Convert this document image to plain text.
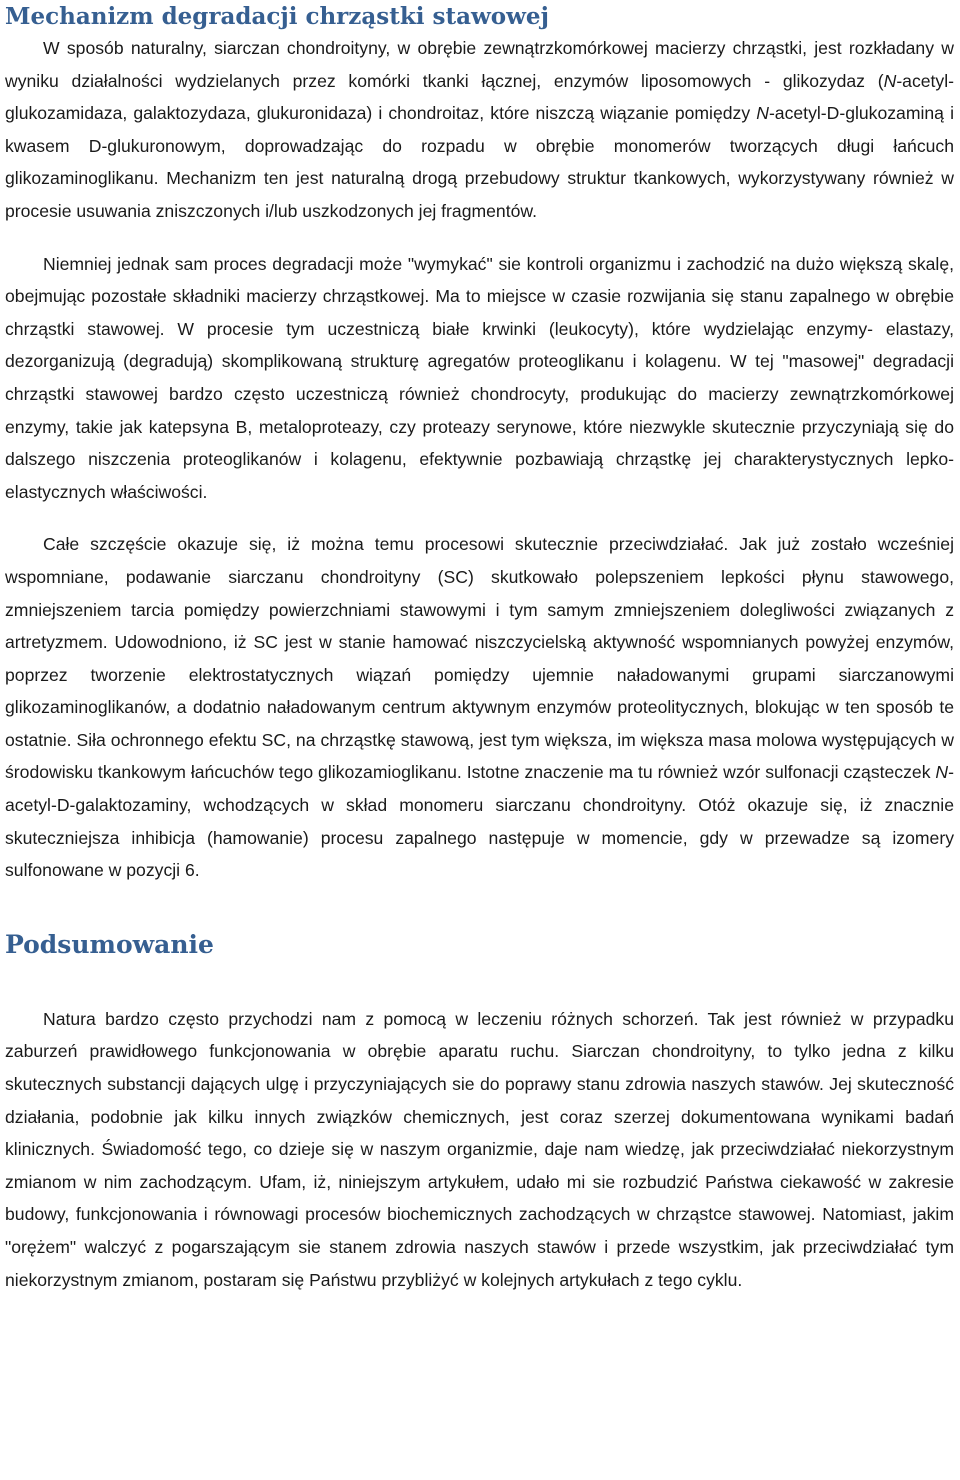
Mechanizm degradacji chrząstki stawowej

W sposób naturalny, siarczan chondroityny, w obrębie zewnątrzkomórkowej macierzy chrząstki, jest rozkładany w wyniku działalności wydzielanych przez komórki tkanki łącznej, enzymów liposomowych - glikozydaz (N-acetyl-glukozamidaza, galaktozydaza, glukuronidaza) i chondroitaz, które niszczą wiązanie pomiędzy N-acetyl-D-glukozaminą i kwasem D-glukuronowym, doprowadzając do rozpadu w obrębie monomerów tworzących długi łańcuch glikozaminoglikanu. Mechanizm ten jest naturalną drogą przebudowy struktur tkankowych, wykorzystywany również w procesie usuwania zniszczonych i/lub uszkodzonych jej fragmentów.

Niemniej jednak sam proces degradacji może "wymykać" sie kontroli organizmu i zachodzić na dużo większą skalę, obejmując pozostałe składniki macierzy chrząstkowej. Ma to miejsce w czasie rozwijania się stanu zapalnego w obrębie chrząstki stawowej. W procesie tym uczestniczą białe krwinki (leukocyty), które wydzielając enzymy- elastazy, dezorganizują (degradują) skomplikowaną strukturę agregatów proteoglikanu i kolagenu. W tej "masowej" degradacji chrząstki stawowej bardzo często uczestniczą również chondrocyty, produkując do macierzy zewnątrzkomórkowej enzymy, takie jak katepsyna B, metaloproteazy, czy proteazy serynowe, które niezwykle skutecznie przyczyniają się do dalszego niszczenia proteoglikanów i kolagenu, efektywnie pozbawiają chrząstkę jej charakterystycznych lepko-elastycznych właściwości.

Całe szczęście okazuje się, iż można temu procesowi skutecznie przeciwdziałać. Jak już zostało wcześniej wspomniane, podawanie siarczanu chondroityny (SC) skutkowało polepszeniem lepkości płynu stawowego, zmniejszeniem tarcia pomiędzy powierzchniami stawowymi i tym samym zmniejszeniem dolegliwości związanych z artretyzmem. Udowodniono, iż SC jest w stanie hamować niszczycielską aktywność wspomnianych powyżej enzymów, poprzez tworzenie elektrostatycznych wiązań pomiędzy ujemnie naładowanymi grupami siarczanowymi glikozaminoglikanów, a dodatnio naładowanym centrum aktywnym enzymów proteolitycznych, blokując w ten sposób te ostatnie. Siła ochronnego efektu SC, na chrząstkę stawową, jest tym większa, im większa masa molowa występujących w środowisku tkankowym łańcuchów tego glikozamioglikanu. Istotne znaczenie ma tu również wzór sulfonacji cząsteczek N-acetyl-D-galaktozaminy, wchodzących w skład monomeru siarczanu chondroityny. Otóż okazuje się, iż znacznie skuteczniejsza inhibicja (hamowanie) procesu zapalnego następuje w momencie, gdy w przewadze są izomery sulfonowane w pozycji 6.

Podsumowanie

Natura bardzo często przychodzi nam z pomocą w leczeniu różnych schorzeń. Tak jest również w przypadku zaburzeń prawidłowego funkcjonowania w obrębie aparatu ruchu. Siarczan chondroityny, to tylko jedna z kilku skutecznych substancji dających ulgę i przyczyniających sie do poprawy stanu zdrowia naszych stawów. Jej skuteczność działania, podobnie jak kilku innych związków chemicznych, jest coraz szerzej dokumentowana wynikami badań klinicznych. Świadomość tego, co dzieje się w naszym organizmie, daje nam wiedzę, jak przeciwdziałać niekorzystnym zmianom w nim zachodzącym. Ufam, iż, niniejszym artykułem, udało mi sie rozbudzić Państwa ciekawość w zakresie budowy, funkcjonowania i równowagi procesów biochemicznych zachodzących w chrząstce stawowej. Natomiast, jakim "orężem" walczyć z pogarszającym sie stanem zdrowia naszych stawów i przede wszystkim, jak przeciwdziałać tym niekorzystnym zmianom, postaram się Państwu przybliżyć w kolejnych artykułach z tego cyklu.
